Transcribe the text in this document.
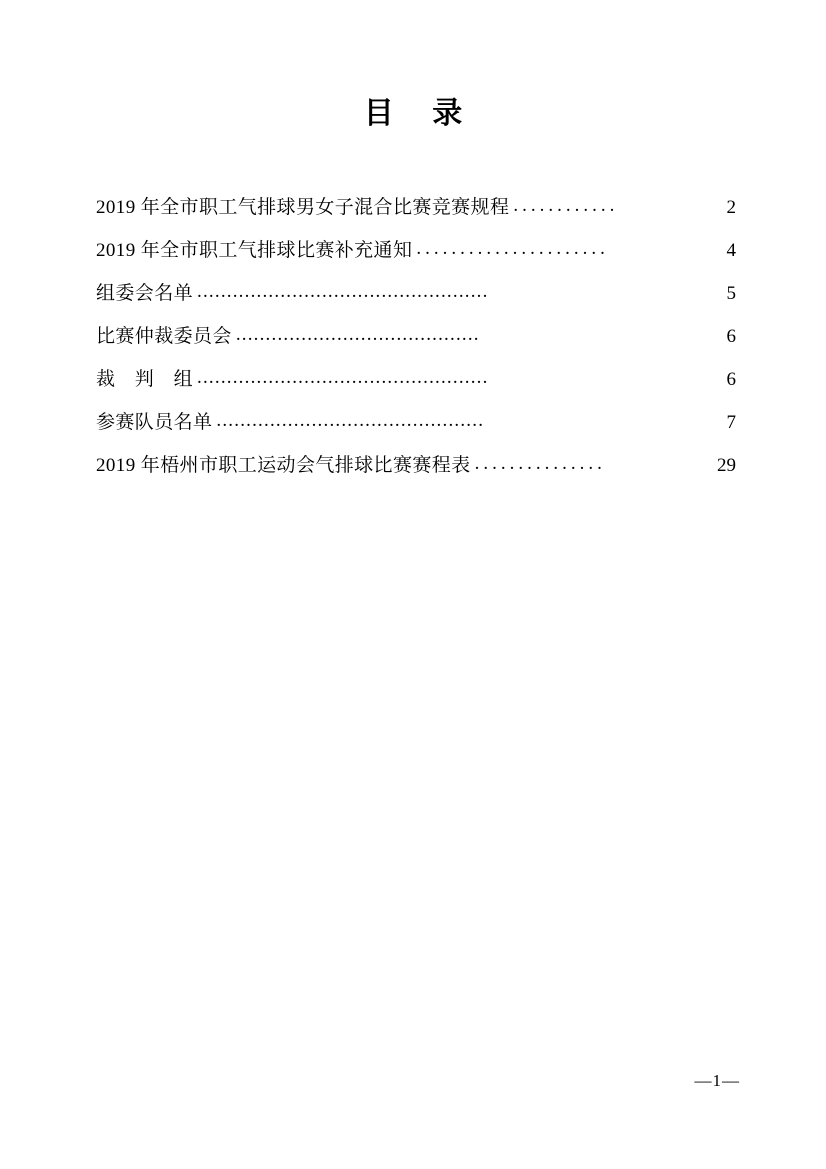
目 录
2019 年全市职工气排球男女子混合比赛竞赛规程 ............	2
2019 年全市职工气排球比赛补充通知 ......................	4
组委会名单 .................................................	5
比赛仲裁委员会 .........................................	6
裁　判　组 .................................................	6
参赛队员名单 .............................................	7
2019 年梧州市职工运动会气排球比赛赛程表 ...............	29
—1—
